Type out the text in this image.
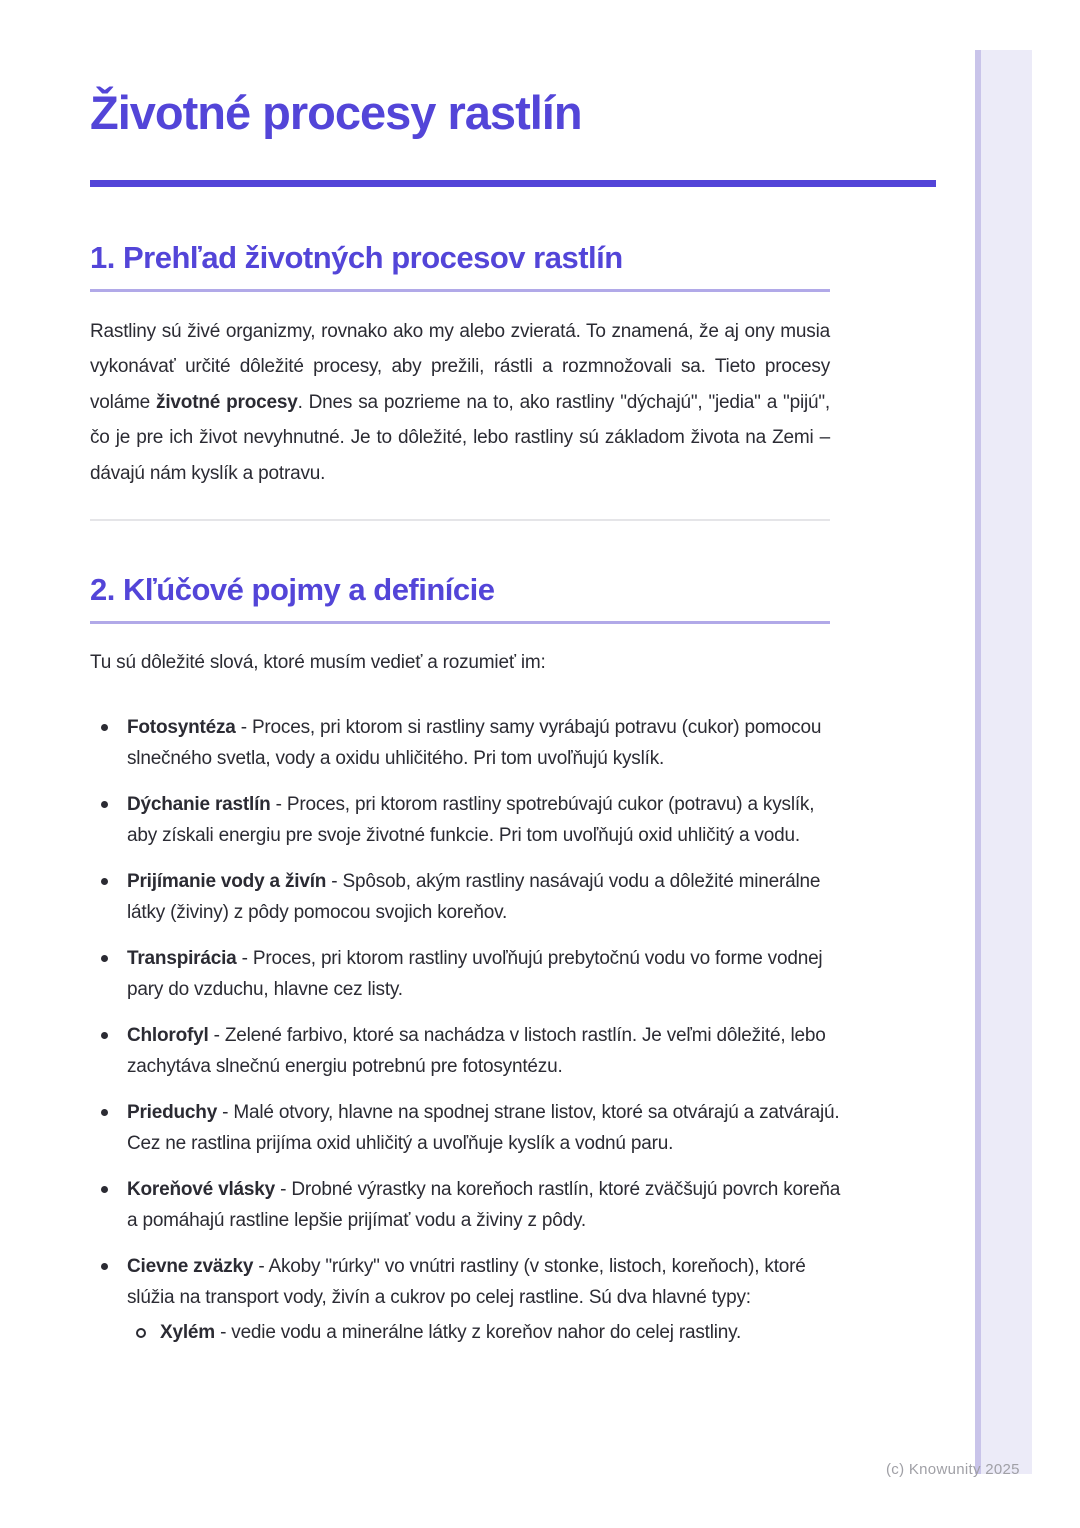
Životné procesy rastlín
1. Prehľad životných procesov rastlín

Rastliny sú živé organizmy, rovnako ako my alebo zvieratá. To znamená, že aj ony musia vykonávať určité dôležité procesy, aby prežili, rástli a rozmnožovali sa. Tieto procesy voláme životné procesy. Dnes sa pozrieme na to, ako rastliny "dýchajú", "jedia" a "pijú", čo je pre ich život nevyhnutné. Je to dôležité, lebo rastliny sú základom života na Zemi – dávajú nám kyslík a potravu.

2. Kľúčové pojmy a definície

Tu sú dôležité slová, ktoré musím vedieť a rozumieť im:

Fotosyntéza - Proces, pri ktorom si rastliny samy vyrábajú potravu (cukor) pomocou slnečného svetla, vody a oxidu uhličitého. Pri tom uvoľňujú kyslík.
Dýchanie rastlín - Proces, pri ktorom rastliny spotrebúvajú cukor (potravu) a kyslík, aby získali energiu pre svoje životné funkcie. Pri tom uvoľňujú oxid uhličitý a vodu.
Prijímanie vody a živín - Spôsob, akým rastliny nasávajú vodu a dôležité minerálne látky (živiny) z pôdy pomocou svojich koreňov.
Transpirácia - Proces, pri ktorom rastliny uvoľňujú prebytočnú vodu vo forme vodnej pary do vzduchu, hlavne cez listy.
Chlorofyl - Zelené farbivo, ktoré sa nachádza v listoch rastlín. Je veľmi dôležité, lebo zachytáva slnečnú energiu potrebnú pre fotosyntézu.
Prieduchy - Malé otvory, hlavne na spodnej strane listov, ktoré sa otvárajú a zatvárajú. Cez ne rastlina prijíma oxid uhličitý a uvoľňuje kyslík a vodnú paru.
Koreňové vlásky - Drobné výrastky na koreňoch rastlín, ktoré zväčšujú povrch koreňa a pomáhajú rastline lepšie prijímať vodu a živiny z pôdy.
Cievne zväzky - Akoby "rúrky" vo vnútri rastliny (v stonke, listoch, koreňoch), ktoré slúžia na transport vody, živín a cukrov po celej rastline. Sú dva hlavné typy:
Xylém - vedie vodu a minerálne látky z koreňov nahor do celej rastliny.
(c) Knowunity 2025
